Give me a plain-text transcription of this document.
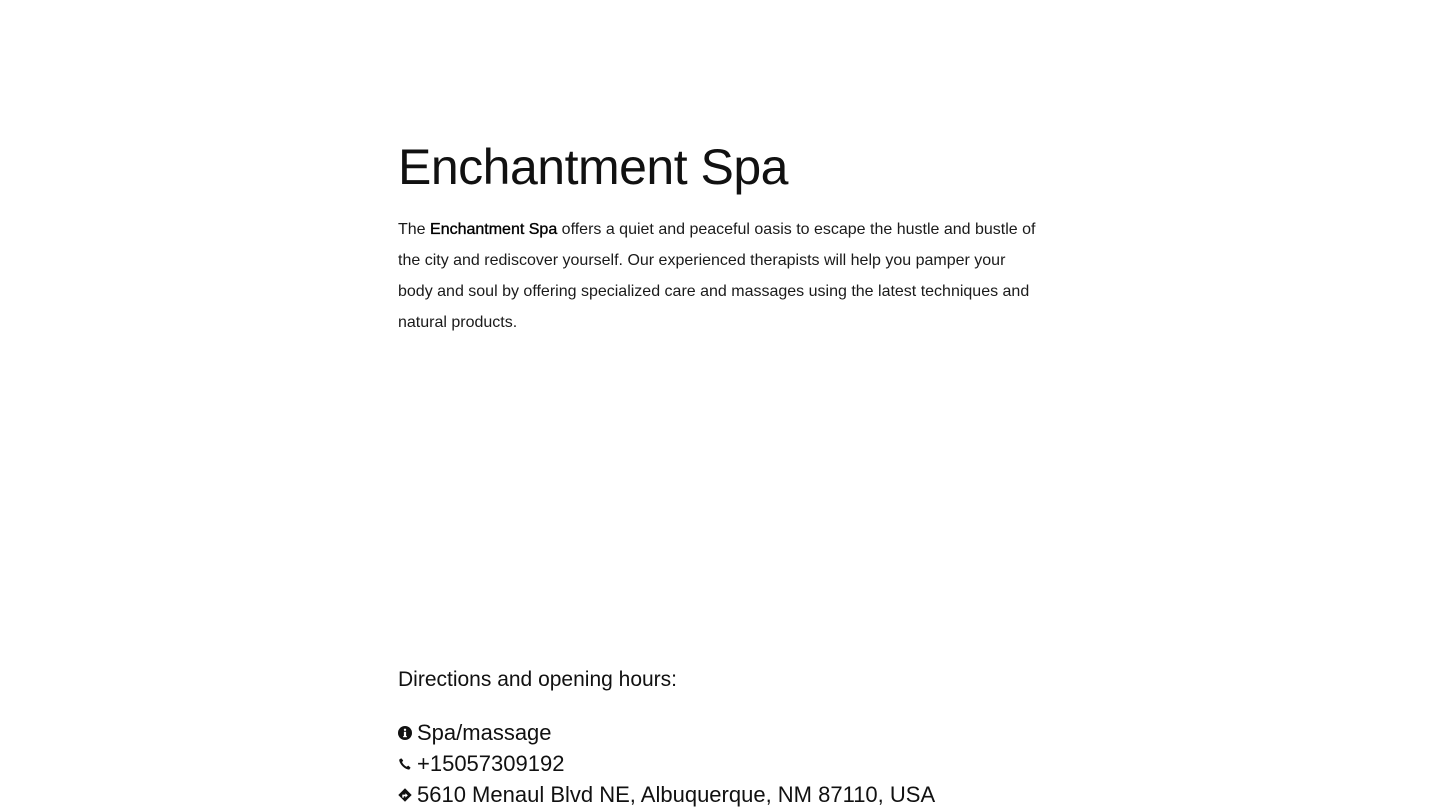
Enchantment Spa

The Enchantment Spa offers a quiet and peaceful oasis to escape the hustle and bustle of the city and rediscover yourself. Our experienced therapists will help you pamper your body and soul by offering specialized care and massages using the latest techniques and natural products.

Directions and opening hours:
Spa/massage
+15057309192
5610 Menaul Blvd NE, Albuquerque, NM 87110, USA
